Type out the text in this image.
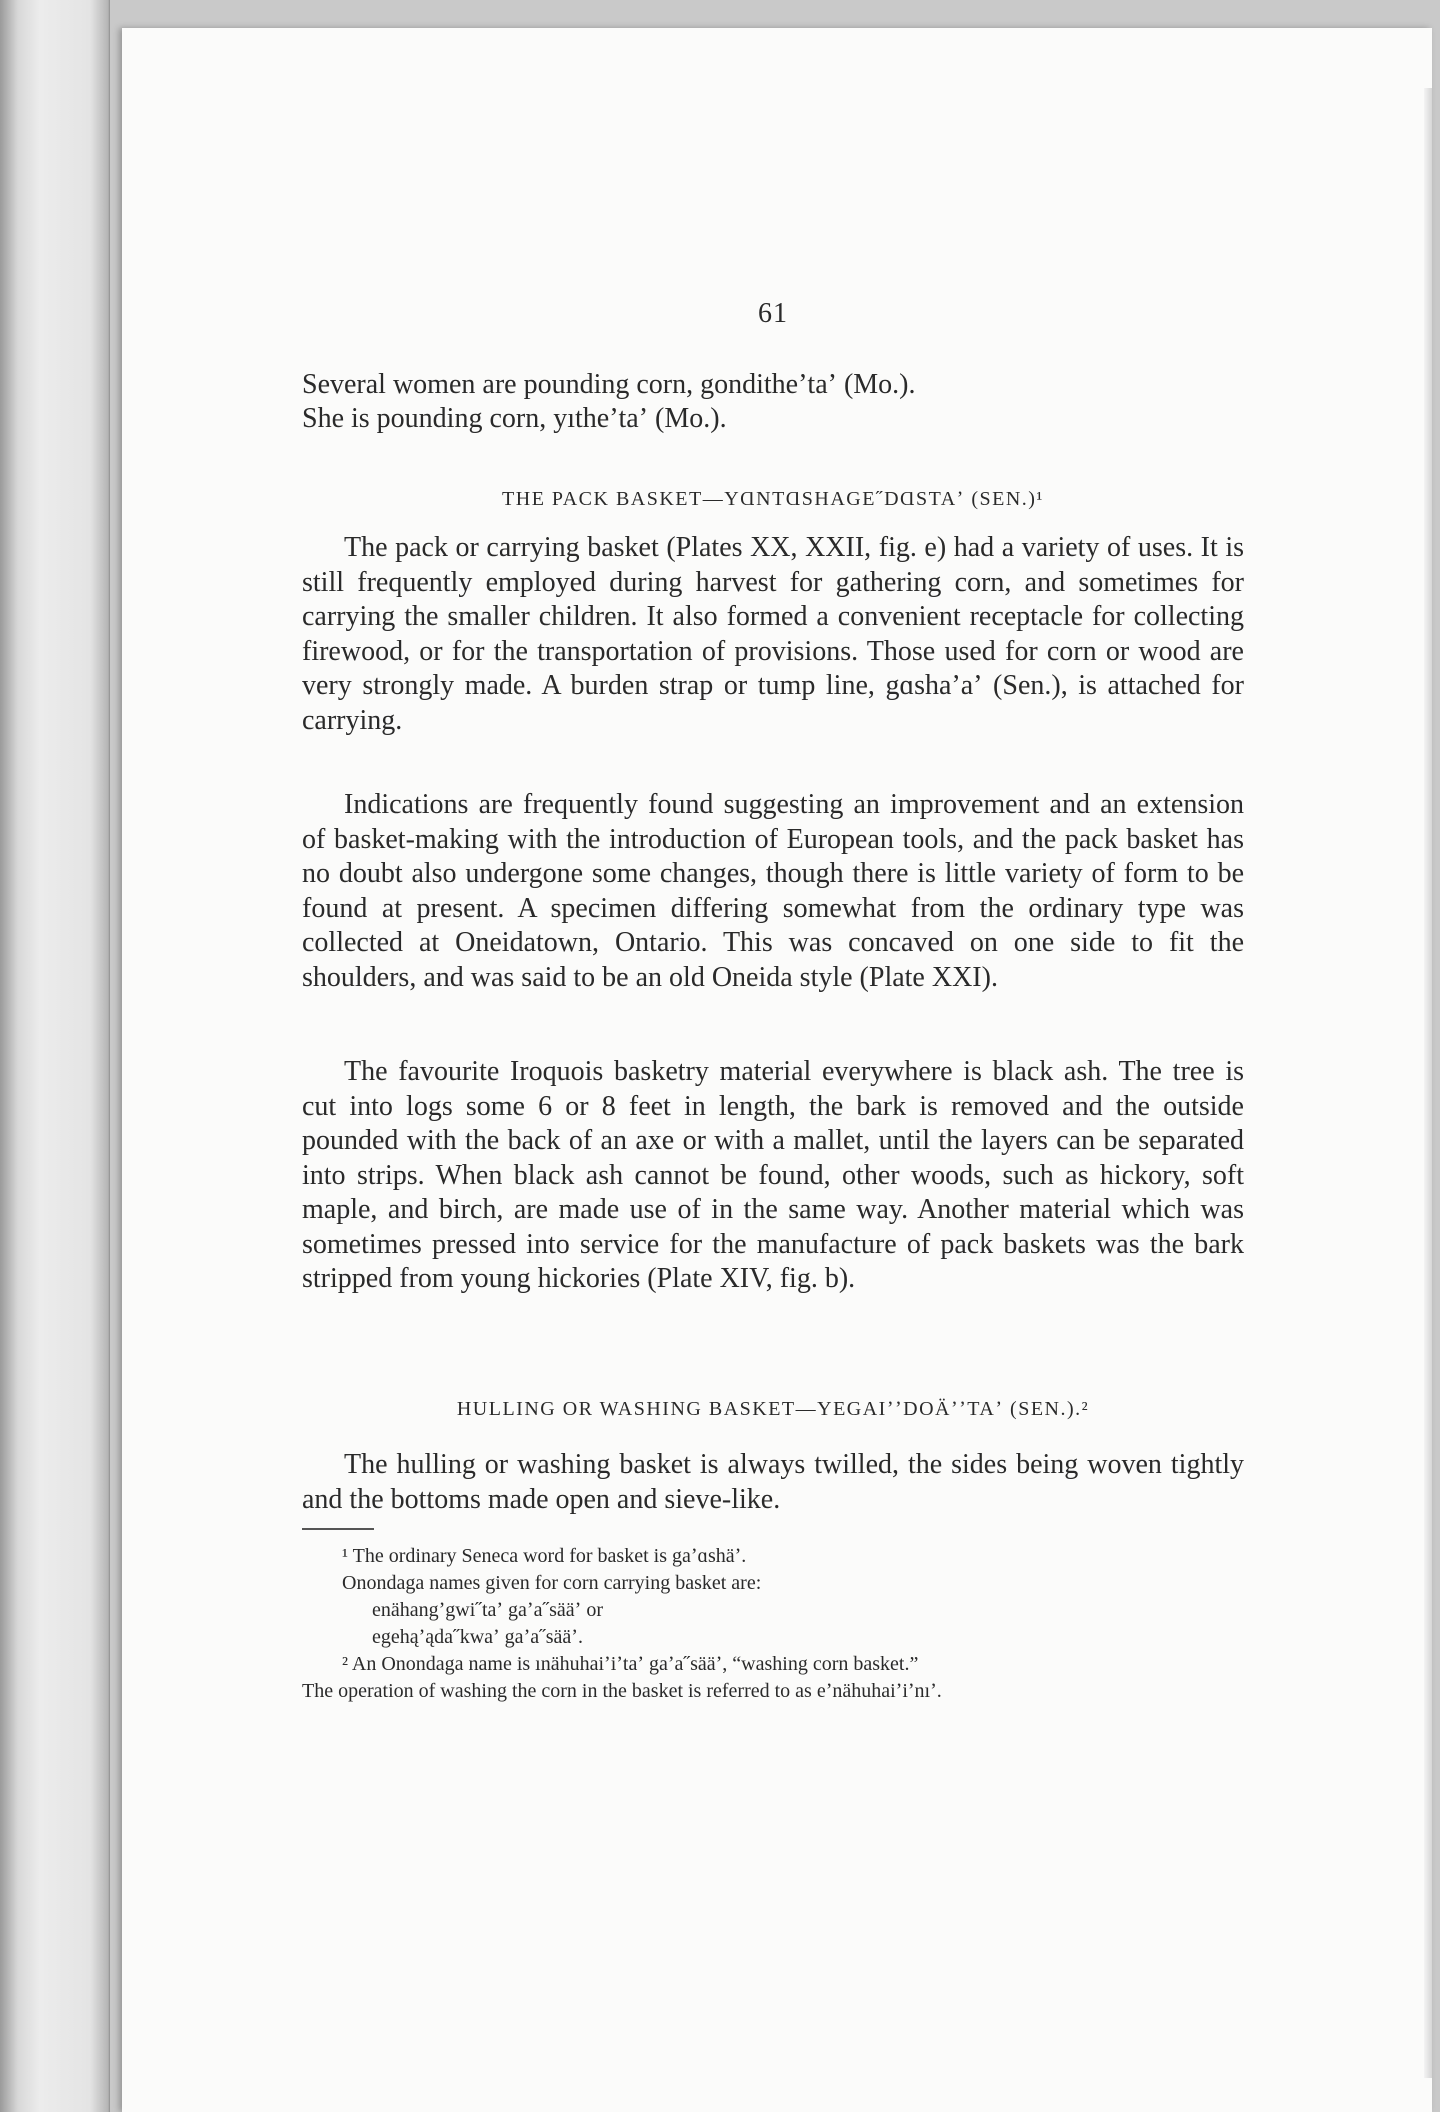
61

Several women are pounding corn, gonditheʼtaʼ (Mo.).

She is pounding corn, yıtheʼtaʼ (Mo.).

THE PACK BASKET—YⱭNTⱭSHAGE˝DⱭSTAʼ (SEN.)¹

The pack or carrying basket (Plates XX, XXII, fig. e) had a variety of uses. It is still frequently employed during harvest for gathering corn, and sometimes for carrying the smaller children. It also formed a convenient receptacle for collecting firewood, or for the transportation of provisions. Those used for corn or wood are very strongly made. A burden strap or tump line, gɑshaʼaʼ (Sen.), is attached for carrying.

Indications are frequently found suggesting an improvement and an extension of basket-making with the introduction of European tools, and the pack basket has no doubt also undergone some changes, though there is little variety of form to be found at present. A specimen differing somewhat from the ordinary type was collected at Oneidatown, Ontario. This was concaved on one side to fit the shoulders, and was said to be an old Oneida style (Plate XXI).

The favourite Iroquois basketry material everywhere is black ash. The tree is cut into logs some 6 or 8 feet in length, the bark is removed and the outside pounded with the back of an axe or with a mallet, until the layers can be separated into strips. When black ash cannot be found, other woods, such as hickory, soft maple, and birch, are made use of in the same way. Another material which was sometimes pressed into service for the manufacture of pack baskets was the bark stripped from young hickories (Plate XIV, fig. b).

HULLING OR WASHING BASKET—YEGAIʼʼDOÄʼʼTAʼ (SEN.).²

The hulling or washing basket is always twilled, the sides being woven tightly and the bottoms made open and sieve-like.

¹ The ordinary Seneca word for basket is gaʼɑshäʼ.

Onondaga names given for corn carrying basket are:

enähangʼgwi˝taʼ gaʼa˝sääʼ or

egehąʼąda˝kwaʼ gaʼa˝sääʼ.

² An Onondaga name is ınähuhaiʼiʼtaʼ gaʼa˝sääʼ, “washing corn basket.”

The operation of washing the corn in the basket is referred to as eʼnähuhaiʼiʼnıʼ.
